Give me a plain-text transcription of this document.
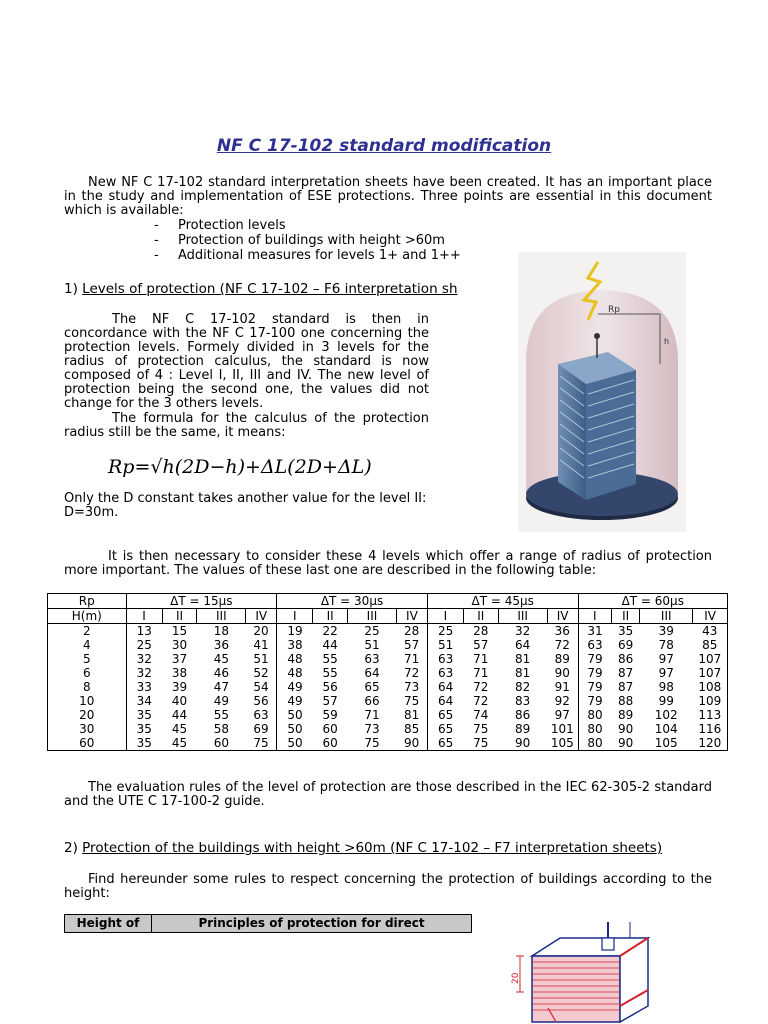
NF C 17-102 standard modification
New NF C 17-102 standard interpretation sheets have been created. It has an important place in the study and implementation of ESE protections. Three points are essential in this document which is available:
- Protection levels
- Protection of buildings with height >60m
- Additional measures for levels 1+ and 1++
1) Levels of protection (NF C 17-102 – F6 interpretation sh
The NF C 17-102 standard is then in concordance with the NF C 17-100 one concerning the protection levels. Formely divided in 3 levels for the radius of protection calculus, the standard is now composed of 4 : Level I, II, III and IV. The new level of protection being the second one, the values did not change for the 3 others levels.
The formula for the calculus of the protection radius still be the same, it means:
Rp=√h(2D−h)+ΔL(2D+ΔL)
Only the D constant takes another value for the level II: D=30m.
Rp
h
It is then necessary to consider these 4 levels which offer a range of radius of protection more important. The values of these last one are described in the following table:
Rp	ΔT = 15μs				ΔT = 30μs				ΔT = 45μs				ΔT = 60μs			
H(m)	I	II	III	IV	I	II	III	IV	I	II	III	IV	I	II	III	IV
2	13	15	18	20	19	22	25	28	25	28	32	36	31	35	39	43
4	25	30	36	41	38	44	51	57	51	57	64	72	63	69	78	85
5	32	37	45	51	48	55	63	71	63	71	81	89	79	86	97	107
6	32	38	46	52	48	55	64	72	63	71	81	90	79	87	97	107
8	33	39	47	54	49	56	65	73	64	72	82	91	79	87	98	108
10	34	40	49	56	49	57	66	75	64	72	83	92	79	88	99	109
20	35	44	55	63	50	59	71	81	65	74	86	97	80	89	102	113
30	35	45	58	69	50	60	73	85	65	75	89	101	80	90	104	116
60	35	45	60	75	50	60	75	90	65	75	90	105	80	90	105	120
The evaluation rules of the level of protection are those described in the IEC 62-305-2 standard and the UTE C 17-100-2 guide.
2) Protection of the buildings with height >60m (NF C 17-102 – F7 interpretation sheets)
Find hereunder some rules to respect concerning the protection of buildings according to the height:
Height of	Principles of protection for direct
20
